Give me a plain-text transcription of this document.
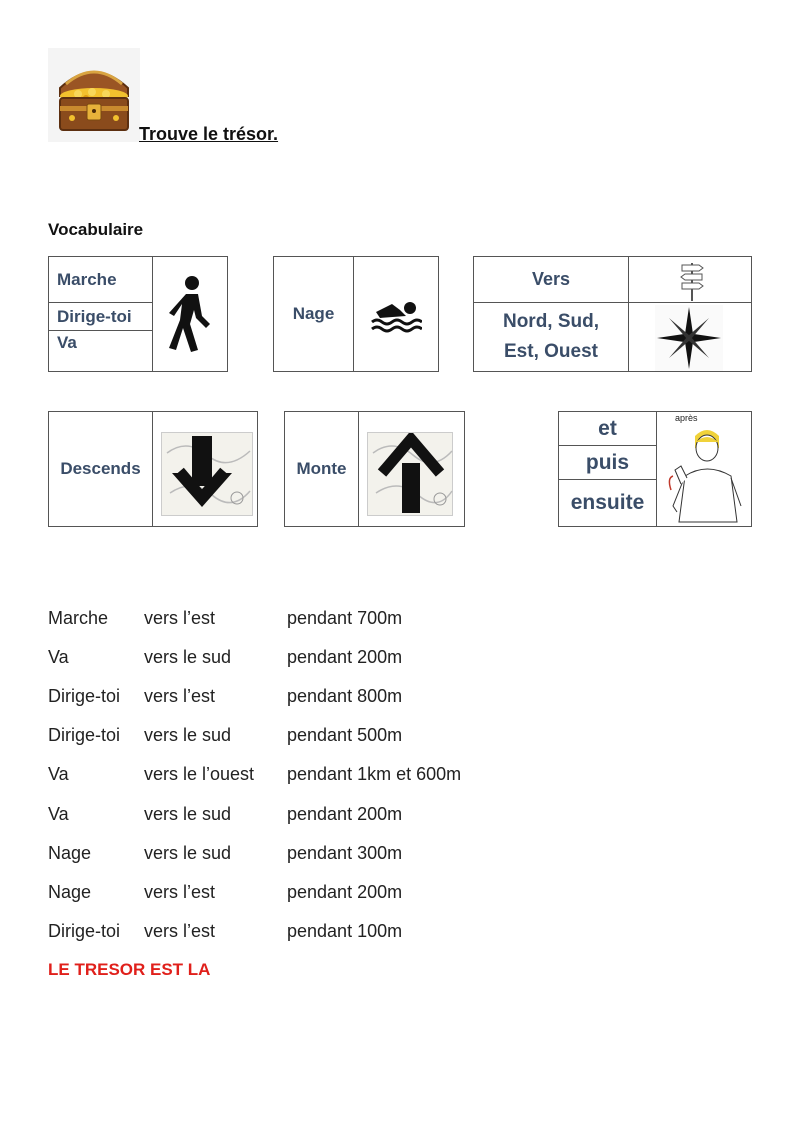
Trouve le trésor.
Vocabulaire
Marche
Dirige-toi
Va
Nage
Vers
Nord, Sud,
Est, Ouest
Descends	Monte
et
puis
ensuite
après
Marche vers l’est	pendant 700m
Va	vers le sud	pendant 200m
Dirige-toi vers l’est	pendant 800m
Dirige-toi vers le sud	pendant 500m
Va	vers le l’ouest pendant 1km et 600m
Va	vers le sud	pendant 200m
Nage	vers le sud	pendant 300m
Nage	vers l’est	pendant 200m
Dirige-toi vers l’est	pendant 100m
LE TRESOR EST LA
